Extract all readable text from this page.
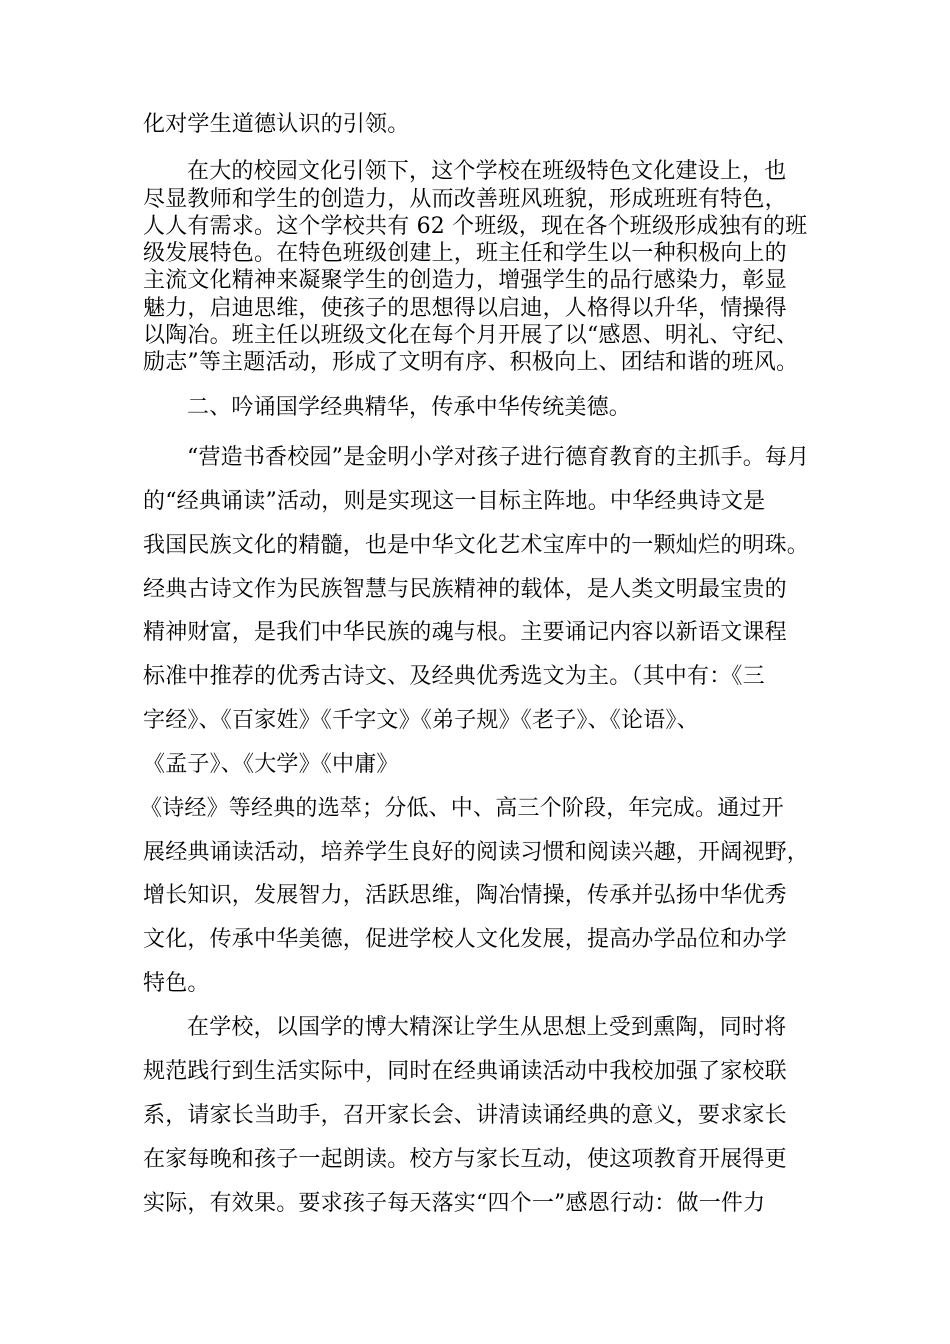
化对学生道德认识的引领。
在大的校园文化引领下，这个学校在班级特色文化建设上，也
尽显教师和学生的创造力，从而改善班风班貌，形成班班有特色，
人人有需求。这个学校共有 62 个班级，现在各个班级形成独有的班
级发展特色。在特色班级创建上，班主任和学生以一种积极向上的
主流文化精神来凝聚学生的创造力，增强学生的品行感染力，彰显
魅力，启迪思维，使孩子的思想得以启迪，人格得以升华，情操得
以陶冶。班主任以班级文化在每个月开展了以“感恩、明礼、守纪、
励志”等主题活动，形成了文明有序、积极向上、团结和谐的班风。
二、吟诵国学经典精华，传承中华传统美德。
“营造书香校园”是金明小学对孩子进行德育教育的主抓手。每月
的“经典诵读”活动，则是实现这一目标主阵地。中华经典诗文是
我国民族文化的精髓，也是中华文化艺术宝库中的一颗灿烂的明珠。
经典古诗文作为民族智慧与民族精神的载体，是人类文明最宝贵的
精神财富，是我们中华民族的魂与根。主要诵记内容以新语文课程
标准中推荐的优秀古诗文、及经典优秀选文为主。（其中有：《三
字经》、《百家姓》《千字文》《弟子规》《老子》、《论语》、
《孟子》、《大学》《中庸》
《诗经》等经典的选萃；分低、中、高三个阶段，年完成。通过开
展经典诵读活动，培养学生良好的阅读习惯和阅读兴趣，开阔视野，
增长知识，发展智力，活跃思维，陶冶情操，传承并弘扬中华优秀
文化，传承中华美德，促进学校人文化发展，提高办学品位和办学
特色。
在学校，以国学的博大精深让学生从思想上受到熏陶，同时将
规范践行到生活实际中，同时在经典诵读活动中我校加强了家校联
系，请家长当助手，召开家长会、讲清读诵经典的意义，要求家长
在家每晚和孩子一起朗读。校方与家长互动，使这项教育开展得更
实际，有效果。要求孩子每天落实“四个一”感恩行动：做一件力
